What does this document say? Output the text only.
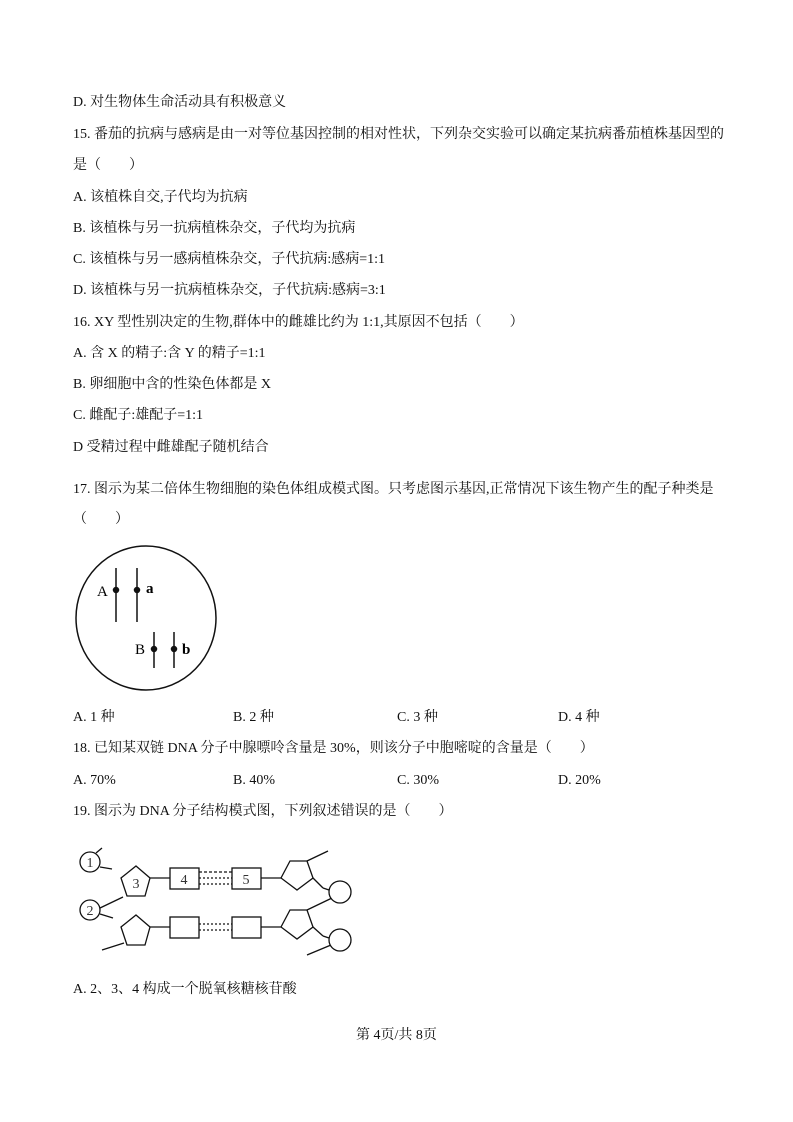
D. 对生物体生命活动具有积极意义
15. 番茄的抗病与感病是由一对等位基因控制的相对性状，下列杂交实验可以确定某抗病番茄植株基因型的
是（　　）
A. 该植株自交,子代均为抗病
B. 该植株与另一抗病植株杂交，子代均为抗病
C. 该植株与另一感病植株杂交，子代抗病:感病=1:1
D. 该植株与另一抗病植株杂交，子代抗病:感病=3:1
16. XY 型性别决定的生物,群体中的雌雄比约为 1:1,其原因不包括（　　）
A. 含 X 的精子:含 Y 的精子=1:1
B. 卵细胞中含的性染色体都是 X
C. 雌配子:雄配子=1:1
D 受精过程中雌雄配子随机结合
17. 图示为某二倍体生物细胞的染色体组成模式图。只考虑图示基因,正常情况下该生物产生的配子种类是
（　　）
A	a
B b
1
2
3	4	5
A. 1 种	B. 2 种	C. 3 种	D. 4 种
18. 已知某双链 DNA 分子中腺嘌呤含量是 30%，则该分子中胞嘧啶的含量是（　　）
A. 70%	B. 40%	C. 30%	D. 20%
19. 图示为 DNA 分子结构模式图，下列叙述错误的是（　　）
A. 2、3、4 构成一个脱氧核糖核苷酸
第 4页/共 8页
